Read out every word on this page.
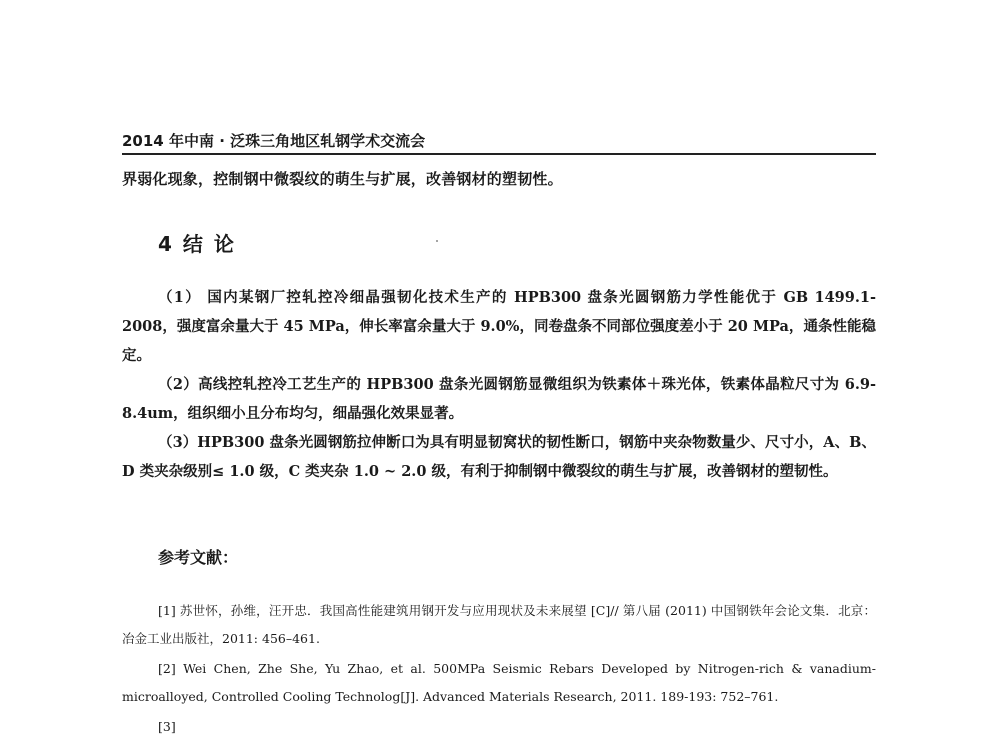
2014 年中南 · 泛珠三角地区轧钢学术交流会
界弱化现象，控制钢中微裂纹的萌生与扩展，改善钢材的塑韧性。
4 结 论
（1） 国内某钢厂控轧控冷细晶强韧化技术生产的 HPB300 盘条光圆钢筋力学性能优于 GB 1499.1-2008，强度富余量大于 45 MPa，伸长率富余量大于 9.0%，同卷盘条不同部位强度差小于 20 MPa，通条性能稳定。
（2）高线控轧控冷工艺生产的 HPB300 盘条光圆钢筋显微组织为铁素体＋珠光体，铁素体晶粒尺寸为 6.9-8.4um，组织细小且分布均匀，细晶强化效果显著。
（3）HPB300 盘条光圆钢筋拉伸断口为具有明显韧窝状的韧性断口，钢筋中夹杂物数量少、尺寸小，A、B、D 类夹杂级别≤ 1.0 级，C 类夹杂 1.0 ~ 2.0 级，有利于抑制钢中微裂纹的萌生与扩展，改善钢材的塑韧性。
参考文献：
[1] 苏世怀，孙维，汪开忠．我国高性能建筑用钢开发与应用现状及未来展望 [C]// 第八届 (2011) 中国钢铁年会论文集．北京：冶金工业出版社，2011: 456–461.
[2] Wei Chen, Zhe She, Yu Zhao, et al. 500MPa Seismic Rebars Developed by Nitrogen-rich & vanadium-microalloyed, Controlled Cooling Technolog[J]. Advanced Materials Research, 2011. 189-193: 752–761.
[3]
